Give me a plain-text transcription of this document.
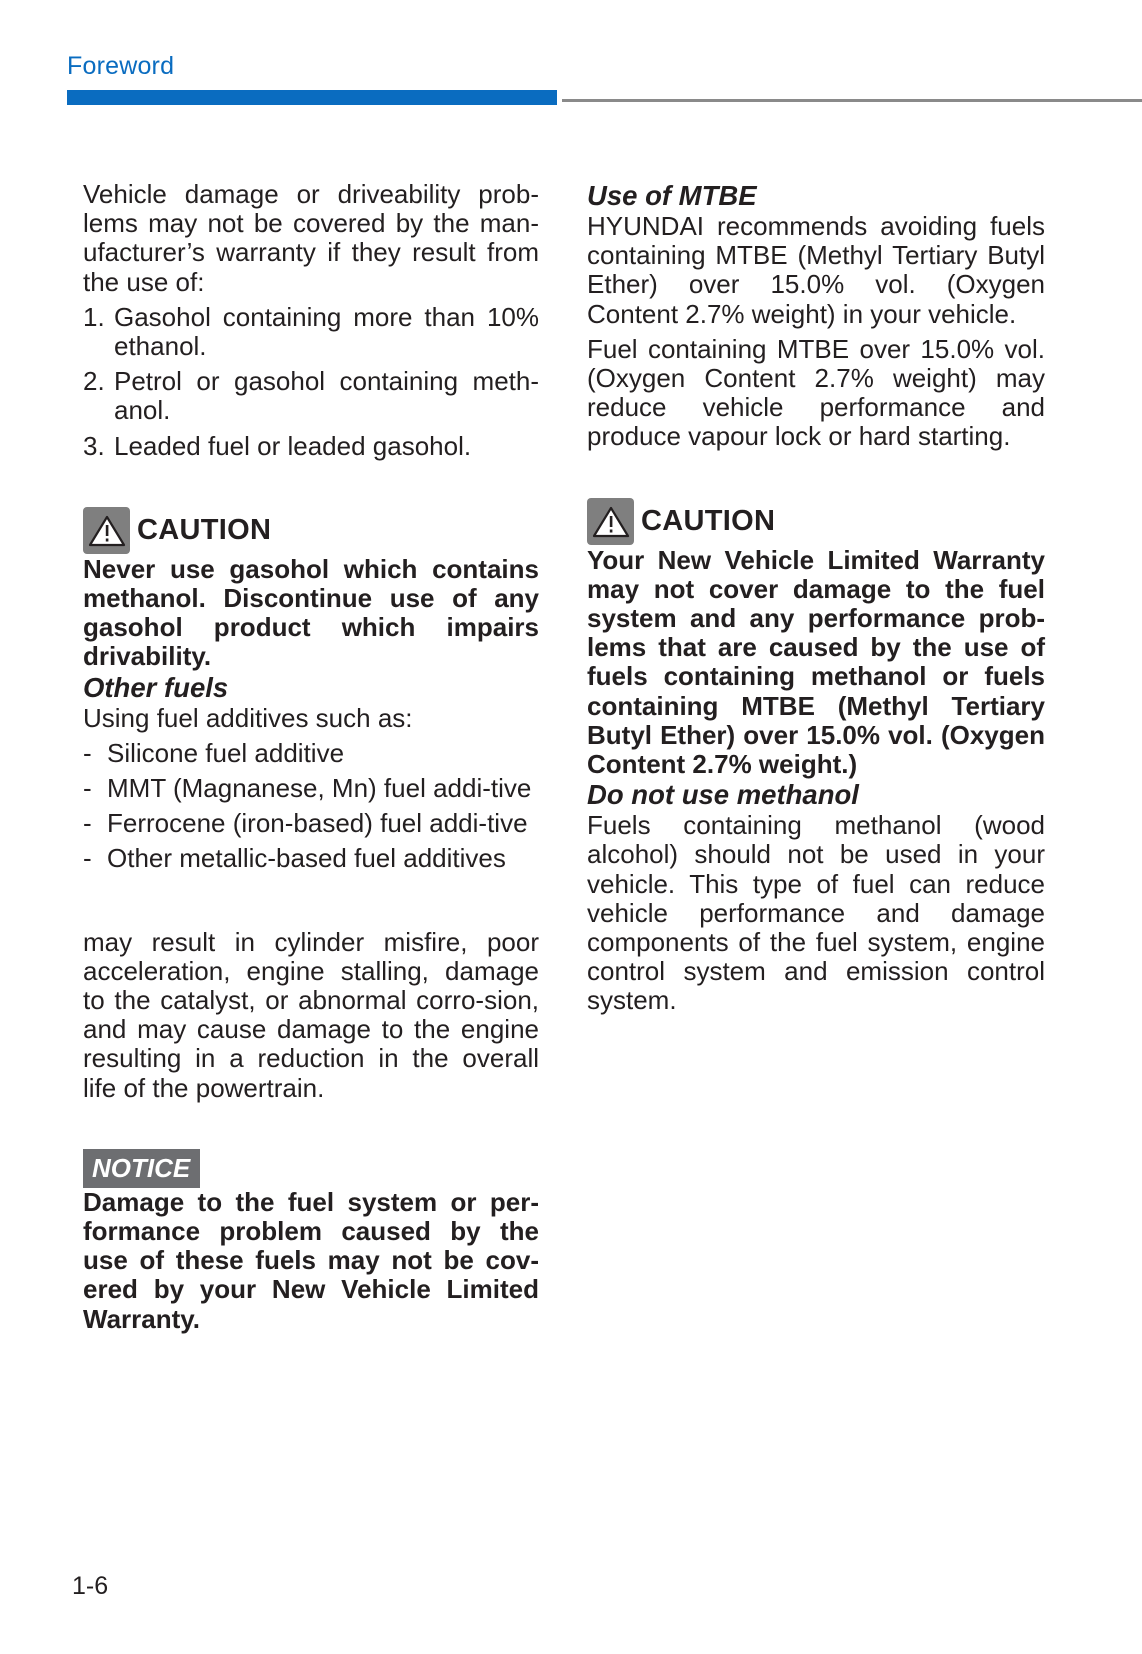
Foreword

Vehicle damage or driveability prob-lems may not be covered by the man-ufacturer’s warranty if they result from the use of:

1. Gasohol containing more than 10% ethanol.
2. Petrol or gasohol containing meth-anol.
3. Leaded fuel or leaded gasohol.
CAUTION

Never use gasohol which contains methanol. Discontinue use of any gasohol product which impairs drivability.

Other fuels

Using fuel additives such as:

- Silicone fuel additive
- MMT (Magnanese, Mn) fuel addi-tive
- Ferrocene (iron-based) fuel addi-tive
- Other metallic-based fuel additives

may result in cylinder misfire, poor acceleration, engine stalling, damage to the catalyst, or abnormal corro-sion, and may cause damage to the engine resulting in a reduction in the overall life of the powertrain.

NOTICE

Damage to the fuel system or per-formance problem caused by the use of these fuels may not be cov-ered by your New Vehicle Limited Warranty.

Use of MTBE

HYUNDAI recommends avoiding fuels containing MTBE (Methyl Tertiary Butyl Ether) over 15.0% vol. (Oxygen Content 2.7% weight) in your vehicle.

Fuel containing MTBE over 15.0% vol. (Oxygen Content 2.7% weight) may reduce vehicle performance and produce vapour lock or hard starting.

CAUTION

Your New Vehicle Limited Warranty may not cover damage to the fuel system and any performance prob-lems that are caused by the use of fuels containing methanol or fuels containing MTBE (Methyl Tertiary Butyl Ether) over 15.0% vol. (Oxygen Content 2.7% weight.)

Do not use methanol

Fuels containing methanol (wood alcohol) should not be used in your vehicle. This type of fuel can reduce vehicle performance and damage components of the fuel system, engine control system and emission control system.

1-6
